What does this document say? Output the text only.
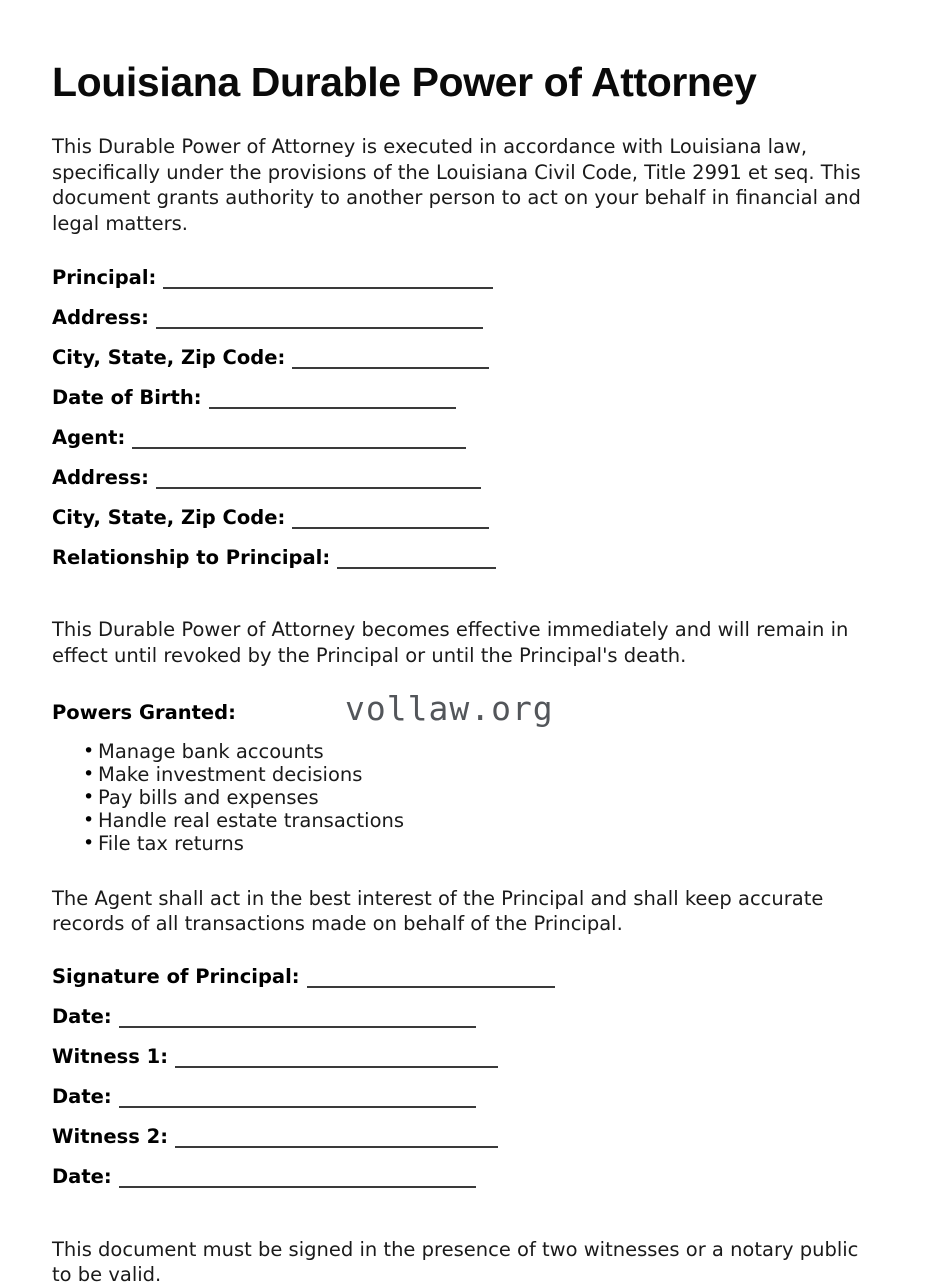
Louisiana Durable Power of Attorney

This Durable Power of Attorney is executed in accordance with Louisiana law, specifically under the provisions of the Louisiana Civil Code, Title 2991 et seq. This document grants authority to another person to act on your behalf in financial and legal matters.

Principal:
Address:
City, State, Zip Code:
Date of Birth:
Agent:
Address:
City, State, Zip Code:
Relationship to Principal:

This Durable Power of Attorney becomes effective immediately and will remain in effect until revoked by the Principal or until the Principal's death.

Powers Granted:	vollaw.org
• Manage bank accounts
• Make investment decisions
• Pay bills and expenses
• Handle real estate transactions
• File tax returns

The Agent shall act in the best interest of the Principal and shall keep accurate records of all transactions made on behalf of the Principal.

Signature of Principal:
Date:
Witness 1:
Date:
Witness 2:
Date:

This document must be signed in the presence of two witnesses or a notary public to be valid.
